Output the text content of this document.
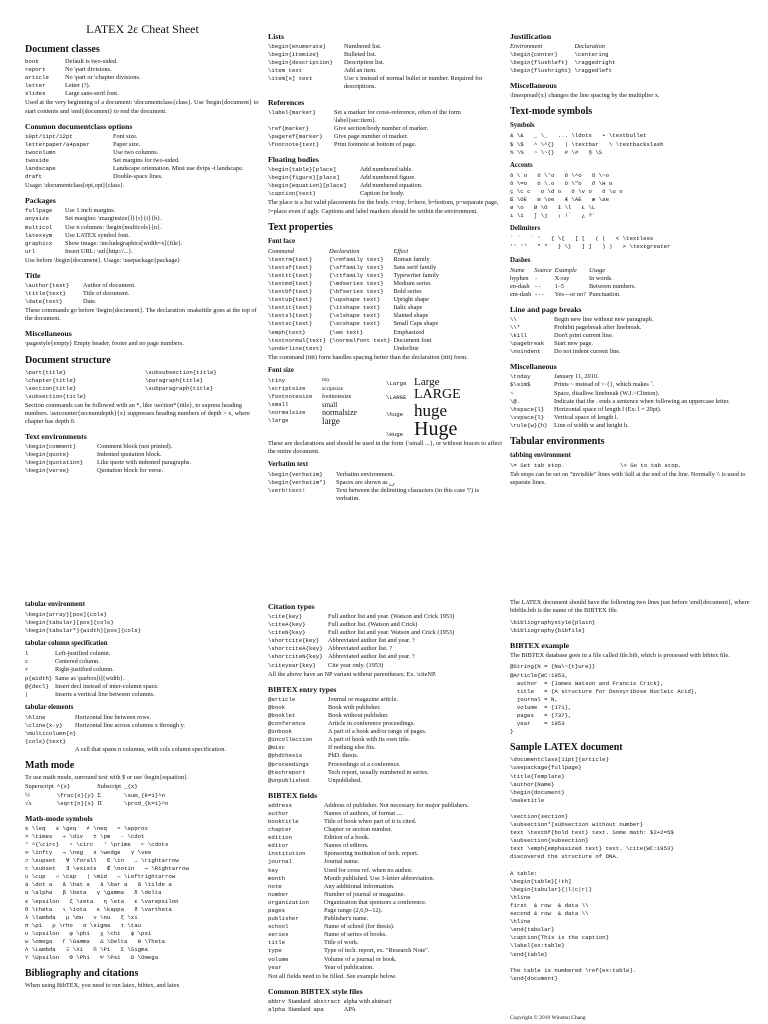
LATEX 2ε Cheat Sheet
Document classes
book	Default is two-sided.
report	No \part divisions.
article	No \part or \chapter divisions.
letter	Letter (?).
slides	Large sans-serif font.
Used at the very beginning of a document: \documentclass{class}. Use \begin{document} to start contents and \end{document} to end the document.
Common documentclass options
10pt/11pt/12pt	Font size.
letterpaper/a4paper	Paper size.
twocolumn	Use two columns.
twoside	Set margins for two-sided.
landscape	Landscape orientation. Must use dvips -t landscape.
draft	Double-space lines.
Usage: \documentclass[opt,opt]{class}.
Packages
fullpage	Use 1 inch margins.
anysize	Set margins: \marginsize{l}{r}{t}{b}.
multicol	Use n columns: \begin{multicols}{n}.
latexsym	Use LATEX symbol font.
graphicx	Show image: \includegraphics[width=x]{file}.
url	Insert URL: \url{http://...}.
Use before \begin{document}. Usage: \usepackage{package}
Title
\author{text}	Author of document.
\title{text}	Title of document.
\date{text}	Date.
These commands go before \begin{document}. The declaration \maketitle goes at the top of the document.
Miscellaneous
\pagestyle{empty} Empty header, footer and no page numbers.
Document structure
\part{title}
\chapter{title}
\section{title}
\subsection{title}
\subsubsection{title}
\paragraph{title}
\subparagraph{title}
Section commands can be followed with an *, like \section*{title}, to supress heading numbers. \setcounter{secnumdepth}{x} suppresses heading numbers of depth > x, where chapter has depth 0.
Text environments
\begin{comment}	Comment block (not printed).
\begin{quote}	Indented quotation block.
\begin{quotation}	Like quote with indented paragraphs.
\begin{verse}	Quotation block for verse.
Lists
\begin{enumerate}	Numbered list.
\begin{itemize}	Bulleted list.
\begin{description}	Description list.
\item text	Add an item.
\item[x] text	Use x instead of normal bullet or number. Required for descriptions.
References
\label{marker}	Set a marker for cross-reference, often of the form \label{sec:item}.
\ref{marker}	Give section/body number of marker.
\pageref{marker}	Give page number of marker.
\footnote{text}	Print footnote at bottom of page.
Floating bodies
\begin{table}[place]	Add numbered table.
\begin{figure}[place]	Add numbered figure.
\begin{equation}[place]	Add numbered equation.
\caption{text}	Caption for body.
The place is a list valid placements for the body. t=top, h=here, b=bottom, p=separate page, !=place even if ugly. Captions and label markers should be within the environment.
Text properties
Font face
Command	Declaration	Effect
\textrm{text}	{\rmfamily text}	Roman family
\textsf{text}	{\sffamily text}	Sans serif family
\texttt{text}	{\ttfamily text}	Typewriter family
\textmd{text}	{\mdseries text}	Medium series
\textbf{text}	{\bfseries text}	Bold series
\textup{text}	{\upshape text}	Upright shape
\textit{text}	{\itshape text}	Italic shape
\textsl{text}	{\slshape text}	Slanted shape
\textsc{text}	{\scshape text}	Small Caps shape
\emph{text}	{\em text}	Emphasized
\textnormal{text}	{\normalfont text}	Document font
\underline{text}		Underline
The command (tttt) form handles spacing better than the declaration (tttt) form.
Font size
\tiny	tiny
\scriptsize	scriptsize
\footnotesize	footnotesize
\small	small
\normalsize	normalsize
\large	large
\Large Large
\LARGE LARGE
\huge huge
\Huge Huge
These are declarations and should be used in the form {\small ...}, or without braces to affect the entire document.
Verbatim text
\begin{verbatim}	Verbatim environment.
\begin{verbatim*}	Spaces are shown as ␣.
\verb!text!	Text between the delimiting characters (in this case '!') is verbatim.
Justification
Environment	Declaration
\begin{center}	\centering
\begin{flushleft}	\raggedright
\begin{flushright}	\raggedleft
Miscellaneous
\linespread{x} changes the line spacing by the multiplier x.
Text-mode symbols
Symbols
& \&   _ \_   ... \ldots   • \textbullet
$ \$   ^ \^{}   | \textbar   \ \textbackslash
% \%   ~ \~{}   # \#   § \S
Accents
ò \`o   ó \'o   ô \^o   õ \~o
ō \=o   ȯ \.o   ö \"o   ő \H o
ç \c c   ọ \d o   ǒ \v o   ŏ \u o
Œ \OE   œ \oe   Æ \AE   æ \ae
ø \o   Ø \O   ł \l   Ł \L
ı \i   ȷ \j   ¡ !`   ¿ ?`
Delimiters
` `   ` '   { \{   [ [   ( (   < \textless
'' ''   " "   } \}   ] ]   ) )   > \textgreater
Dashes
Name	Source	Example	Usage
hyphen	-	X-ray	In words.
en-dash	--	1–5	Between numbers.
em-dash	---	Yes—or no?	Punctuation.
Line and page breaks
\\	Begin new line without new paragraph.
\\*	Prohibit pagebreak after linebreak.
\kill	Don't print current line.
\pagebreak	Start new page.
\noindent	Do not indent current line.
Miscellaneous
\today	January 11, 2010.
$\sim$	Prints ~ instead of \~{}, which makes ˜.
~	Space, disallow linebreak (W.J.~Clinton).
\@.	Indicate that the . ends a sentence when following an uppercase letter.
\hspace{l}	Horizontal space of length l (Ex: l = 20pt).
\vspace{l}	Vertical space of length l.
\rule{w}{h}	Line of width w and height h.
Tabular environments
tabbing environment
\= Set tab stop.	\> Go to tab stop.
Tab stops can be set on "invisible" lines with \kill at the end of the line. Normally \\ is used to separate lines.
tabular environment
\begin{array}[pos]{cols}
\begin{tabular}[pos]{cols}
\begin{tabular*}{width}[pos]{cols}
tabular column specification
l	Left-justified column.
c	Centered column.
r	Right-justified column.
p{width} Same as \parbox[t]{width}.
@{decl} Insert decl instead of inter-column space.
|	Inserts a vertical line between columns.
tabular elements
\hline	Horizontal line between rows.
\cline{x-y}	Horizontal line across columns x through y.
\multicolumn{n}{cols}{text}
A cell that spans n columns, with cols column specification.
Math mode
To use math mode, surround text with $ or use \begin{equation}.
Superscript	^{x}	Subscript	_{x}
½	\frac{x}{y}	Σ	\sum_{k=1}^n
√x	\sqrt[n]{x}	Π	\prod_{k=1}^n
Math-mode symbols
≤ \leq   ≥ \geq   ≠ \neq   ≈ \approx
× \times   ÷ \div   ± \pm   · \cdot
° ^{\circ}   ∘ \circ   ′ \prime   ⋯ \cdots
∞ \infty   ¬ \neg   ∧ \wedge   ∨ \vee
⊃ \supset   ∀ \forall   ∈ \in   → \rightarrow
⊂ \subset   ∃ \exists   ∉ \notin   ⇒ \Rightarrow
∪ \cup   ∩ \cap   | \mid   ⇔ \Leftrightarrow
ȧ \dot a   â \hat a   ā \bar a   ã \tilde a
α \alpha   β \beta   γ \gamma   δ \delta
ε \epsilon   ζ \zeta   η \eta   ε \varepsilon
θ \theta   ι \iota   κ \kappa   ϑ \vartheta
λ \lambda   μ \mu   ν \nu   ξ \xi
π \pi   ρ \rho   σ \sigma   τ \tau
υ \upsilon   φ \phi   χ \chi   ψ \psi
ω \omega   Γ \Gamma   Δ \Delta   Θ \Theta
Λ \Lambda   Ξ \Xi   Π \Pi   Σ \Sigma
Υ \Upsilon   Φ \Phi   Ψ \Psi   Ω \Omega
Bibliography and citations
When using BibTEX, you need to run latex, bibtex, and latex
Citation types
\cite{key}	Full author list and year. (Watson and Crick 1953)
\citeA{key}	Full author list. (Watson and Crick)
\citeN{key}	Full author list and year. Watson and Crick (1953)
\shortcite{key}	Abbreviated author list and year. ?
\shortciteA{key} Abbreviated author list. ?
\shortciteN{key} Abbreviated author list and year. ?
\citeyear{key}	Cite year only. (1953)
All the above have an NP variant without parentheses; Ex. \citeNP.
BIBTEX entry types
@article	Journal or magazine article.
@book	Book with publisher.
@booklet	Book without publisher.
@conference	Article in conference proceedings.
@inbook	A part of a book and/or range of pages.
@incollection	A part of book with its own title.
@misc	If nothing else fits.
@phdthesis	PhD. thesis.
@proceedings	Proceedings of a conference.
@techreport	Tech report, usually numbered in series.
@unpublished	Unpublished.
BIBTEX fields
address	Address of publisher. Not necessary for major publishers.
author	Names of authors, of format ....
booktitle	Title of book when part of it is cited.
chapter	Chapter or section number.
edition	Edition of a book.
editor	Names of editors.
institution	Sponsoring institution of tech. report.
journal	Journal name.
key	Used for cross ref. when no author.
month	Month published. Use 3-letter abbreviation.
note	Any additional information.
number	Number of journal or magazine.
organization	Organization that sponsors a conference.
pages	Page range (2,6,9--12).
publisher	Publisher's name.
school	Name of school (for thesis).
series	Name of series of books.
title	Title of work.
type	Type of tech. report, ex. "Research Note".
volume	Volume of a journal or book.
year	Year of publication.
Not all fields need to be filled. See example below.
Common BIBTEX style files
abbrv	Standard	abstract	alpha with abstract
alpha	Standard	apa	APA
The LATEX document should have the following two lines just before \end{document}, where bibfile.bib is the name of the BIBTEX file.
\bibliographystyle{plain}
\bibliography{bibfile}
BIBTEX example
The BIBTEX database goes in a file called file.bib, which is processed with bibtex file.
@String{N = {Na\~{t}ure}}
@Article{WC:1953,
author  = {James Watson and Francis Crick},
title   = {A structure for Deoxyribose Nucleic Acid},
journal = N,
volume  = {171},
pages   = {737},
year    = 1953
}
Sample LATEX document
\documentclass[11pt]{article}
\usepackage{fullpage}
\title{Template}
\author{Name}
\begin{document}
\maketitle

\section{section}
\subsection*{subsection without number}
text \textbf{bold text} text. Some math: $2+2=5$
\subsection{subsection}
text \emph{emphasized text} text. \cite{WC:1953}
discovered the structure of DNA.

A table:
\begin{table}[!th]
\begin{tabular}{|l|c|r|}
\hline
first  & row  & data \\
second & row  & data \\
\hline
\end{tabular}
\caption{This is the caption}
\label{ex:table}
\end{table}

The table is numbered \ref{ex:table}.
\end{document}
Copyright © 2010 Winston Chang
